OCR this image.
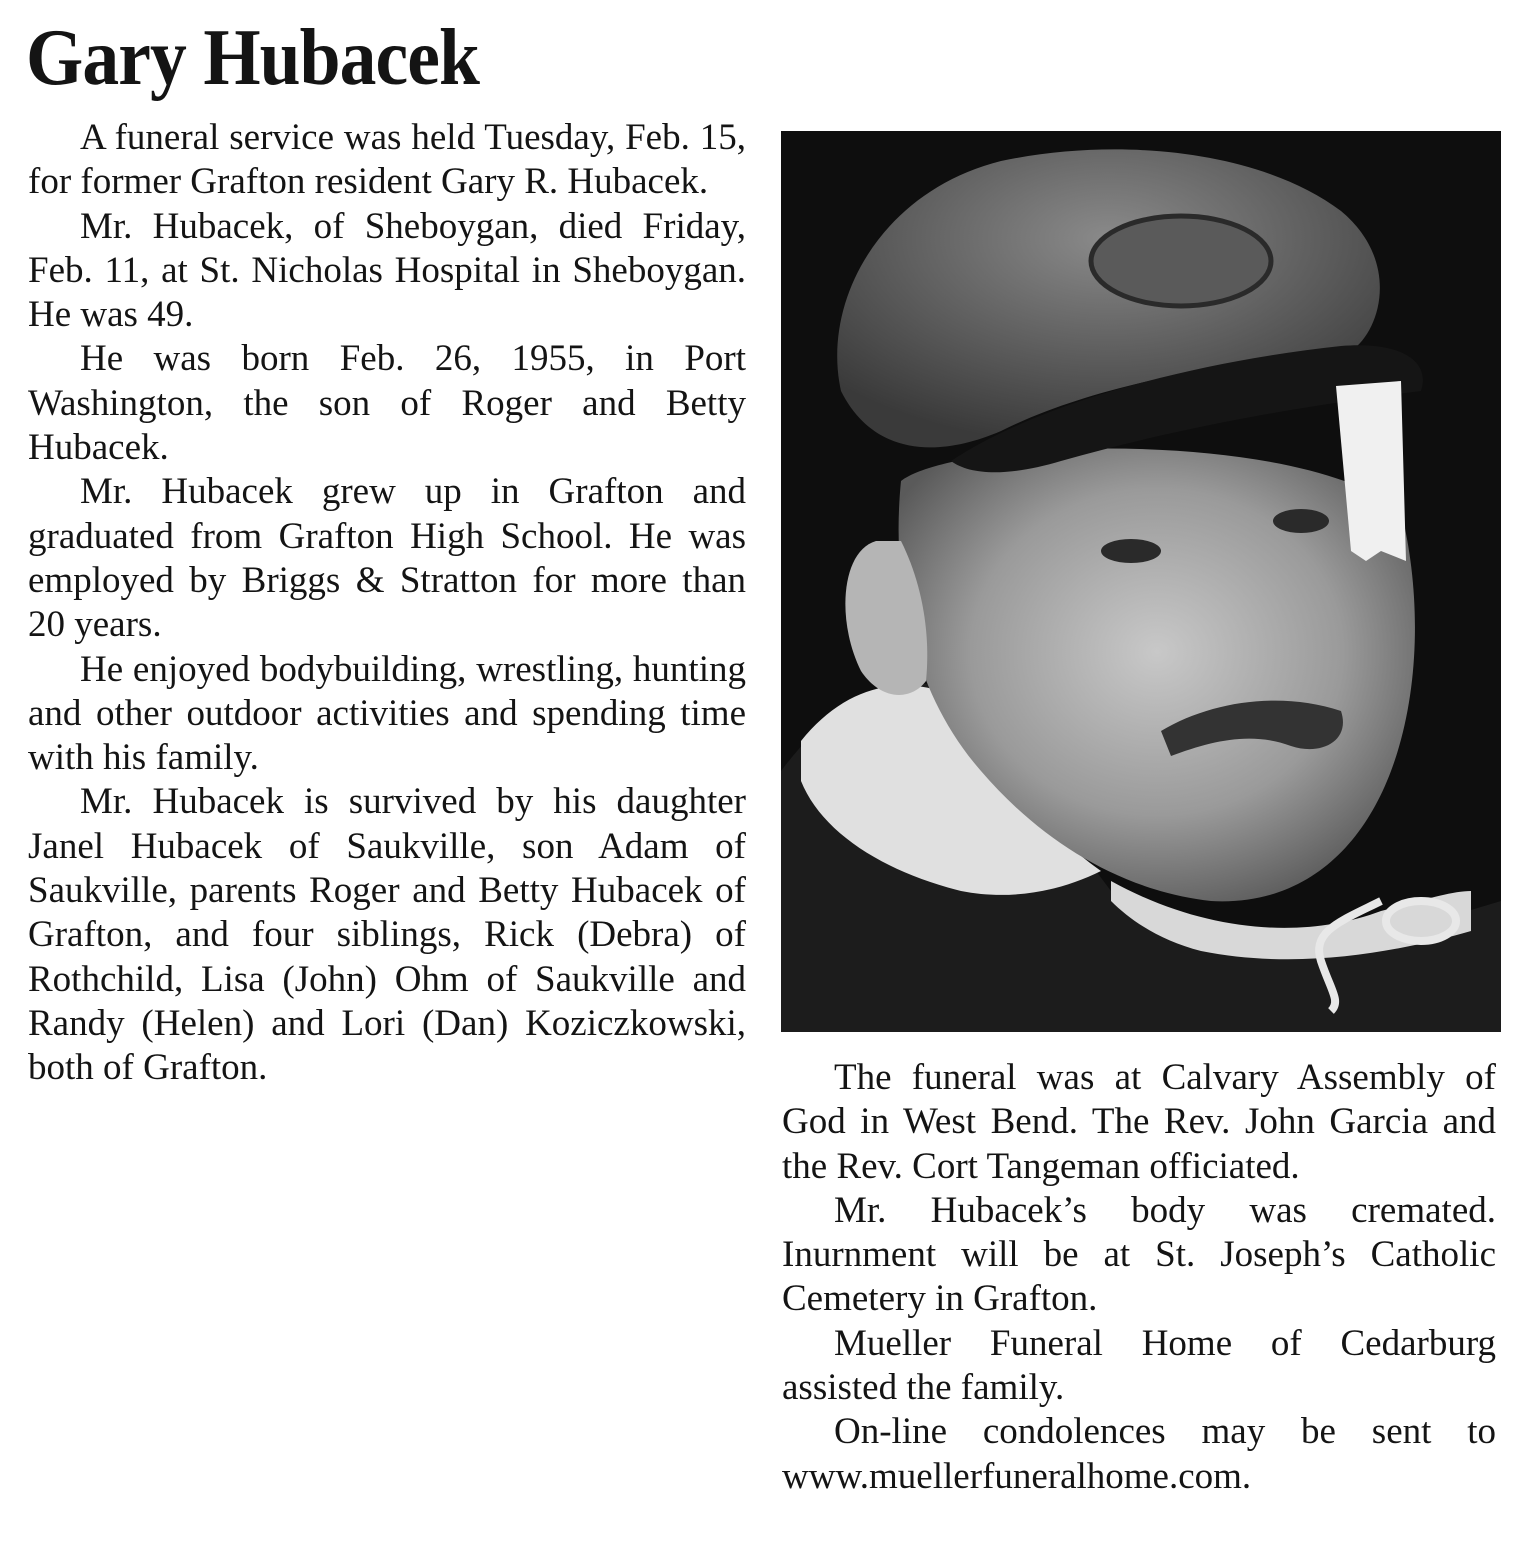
Gary Hubacek

A funeral service was held Tuesday, Feb. 15, for former Grafton resident Gary R. Hubacek.

Mr. Hubacek, of Sheboygan, died Friday, Feb. 11, at St. Nicholas Hospital in Sheboygan. He was 49.

He was born Feb. 26, 1955, in Port Washington, the son of Roger and Betty Hubacek.

Mr. Hubacek grew up in Grafton and graduated from Grafton High School. He was employed by Briggs & Stratton for more than 20 years.

He enjoyed bodybuilding, wrestling, hunting and other outdoor activities and spending time with his family.

Mr. Hubacek is survived by his daughter Janel Hubacek of Saukville, son Adam of Saukville, parents Roger and Betty Hubacek of Grafton, and four siblings, Rick (Debra) of Rothchild, Lisa (John) Ohm of Saukville and Randy (Helen) and Lori (Dan) Koziczkowski, both of Grafton.	The funeral was at Calvary Assembly of God in West Bend. The Rev. John Garcia and the Rev. Cort Tangeman officiated.

Mr. Hubacek’s body was cremated. Inurnment will be at St. Joseph’s Catholic Cemetery in Grafton.

Mueller Funeral Home of Cedarburg assisted the family.

On-line condolences may be sent to www.muellerfuneralhome.com.
